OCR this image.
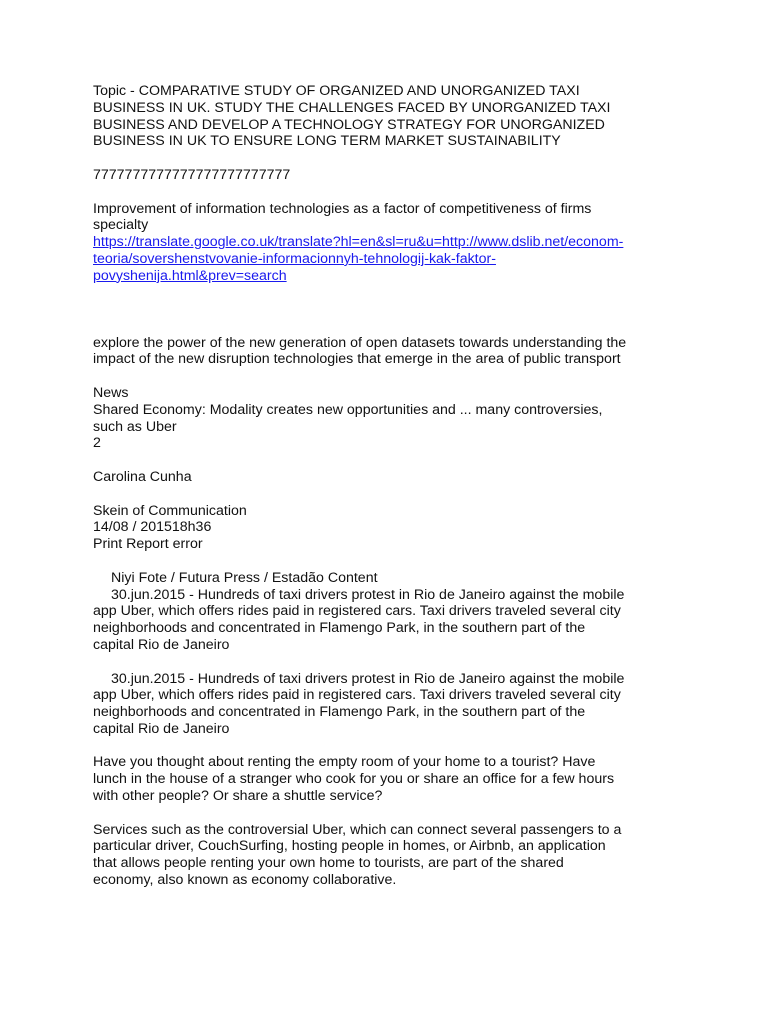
Topic - COMPARATIVE STUDY OF ORGANIZED AND UNORGANIZED TAXI
BUSINESS IN UK. STUDY THE CHALLENGES FACED BY UNORGANIZED TAXI
BUSINESS AND DEVELOP A TECHNOLOGY STRATEGY FOR UNORGANIZED
BUSINESS IN UK TO ENSURE LONG TERM MARKET SUSTAINABILITY
7777777777777777777777777
Improvement of information technologies as a factor of competitiveness of firms
specialty
https://translate.google.co.uk/translate?hl=en&sl=ru&u=http://www.dslib.net/econom-
teoria/sovershenstvovanie-informacionnyh-tehnologij-kak-faktor-
povyshenija.html&prev=search
explore the power of the new generation of open datasets towards understanding the
impact of the new disruption technologies that emerge in the area of public transport
News
Shared Economy: Modality creates new opportunities and ... many controversies,
such as Uber
2
Carolina Cunha
Skein of Communication
14/08 / 201518h36
Print Report error
Niyi Fote / Futura Press / Estadão Content
30.jun.2015 - Hundreds of taxi drivers protest in Rio de Janeiro against the mobile
app Uber, which offers rides paid in registered cars. Taxi drivers traveled several city
neighborhoods and concentrated in Flamengo Park, in the southern part of the
capital Rio de Janeiro
30.jun.2015 - Hundreds of taxi drivers protest in Rio de Janeiro against the mobile
app Uber, which offers rides paid in registered cars. Taxi drivers traveled several city
neighborhoods and concentrated in Flamengo Park, in the southern part of the
capital Rio de Janeiro
Have you thought about renting the empty room of your home to a tourist? Have
lunch in the house of a stranger who cook for you or share an office for a few hours
with other people? Or share a shuttle service?
Services such as the controversial Uber, which can connect several passengers to a
particular driver, CouchSurfing, hosting people in homes, or Airbnb, an application
that allows people renting your own home to tourists, are part of the shared
economy, also known as economy collaborative.
